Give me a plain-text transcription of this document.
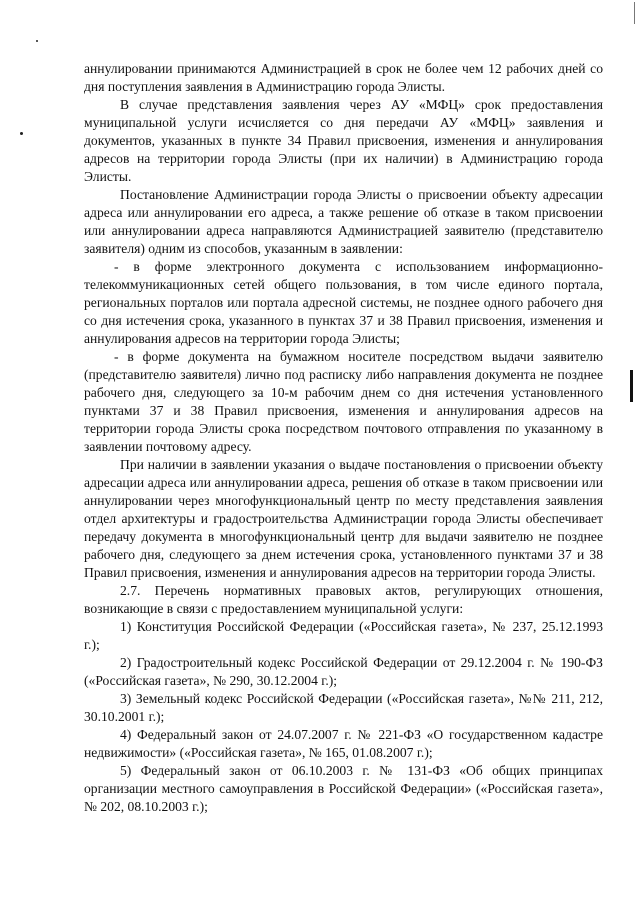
аннулировании принимаются Администрацией в срок не более чем 12 рабочих дней со дня поступления заявления в Администрацию города Элисты.

В случае представления заявления через АУ «МФЦ» срок предоставления муниципальной услуги исчисляется со дня передачи АУ «МФЦ» заявления и документов, указанных в пункте 34 Правил присвоения, изменения и аннулирования адресов на территории города Элисты (при их наличии) в Администрацию города Элисты.

Постановление Администрации города Элисты о присвоении объекту адресации адреса или аннулировании его адреса, а также решение об отказе в таком присвоении или аннулировании адреса направляются Администрацией заявителю (представителю заявителя) одним из способов, указанным в заявлении:

- в форме электронного документа с использованием информационно-телекоммуникационных сетей общего пользования, в том числе единого портала, региональных порталов или портала адресной системы, не позднее одного рабочего дня со дня истечения срока, указанного в пунктах 37 и 38 Правил присвоения, изменения и аннулирования адресов на территории города Элисты;

- в форме документа на бумажном носителе посредством выдачи заявителю (представителю заявителя) лично под расписку либо направления документа не позднее рабочего дня, следующего за 10-м рабочим днем со дня истечения установленного пунктами 37 и 38 Правил присвоения, изменения и аннулирования адресов на территории города Элисты срока посредством почтового отправления по указанному в заявлении почтовому адресу.

При наличии в заявлении указания о выдаче постановления о присвоении объекту адресации адреса или аннулировании адреса, решения об отказе в таком присвоении или аннулировании через многофункциональный центр по месту представления заявления отдел архитектуры и градостроительства Администрации города Элисты обеспечивает передачу документа в многофункциональный центр для выдачи заявителю не позднее рабочего дня, следующего за днем истечения срока, установленного пунктами 37 и 38 Правил присвоения, изменения и аннулирования адресов на территории города Элисты.

2.7. Перечень нормативных правовых актов, регулирующих отношения, возникающие в связи с предоставлением муниципальной услуги:

1) Конституция Российской Федерации («Российская газета», № 237, 25.12.1993 г.);

2) Градостроительный кодекс Российской Федерации от 29.12.2004 г. № 190-ФЗ («Российская газета», № 290, 30.12.2004 г.);

3) Земельный кодекс Российской Федерации («Российская газета», №№ 211, 212, 30.10.2001 г.);

4) Федеральный закон от 24.07.2007 г. № 221-ФЗ «О государственном кадастре недвижимости» («Российская газета», № 165, 01.08.2007 г.);

5) Федеральный закон от 06.10.2003 г. № 131-ФЗ «Об общих принципах организации местного самоуправления в Российской Федерации» («Российская газета», № 202, 08.10.2003 г.);
